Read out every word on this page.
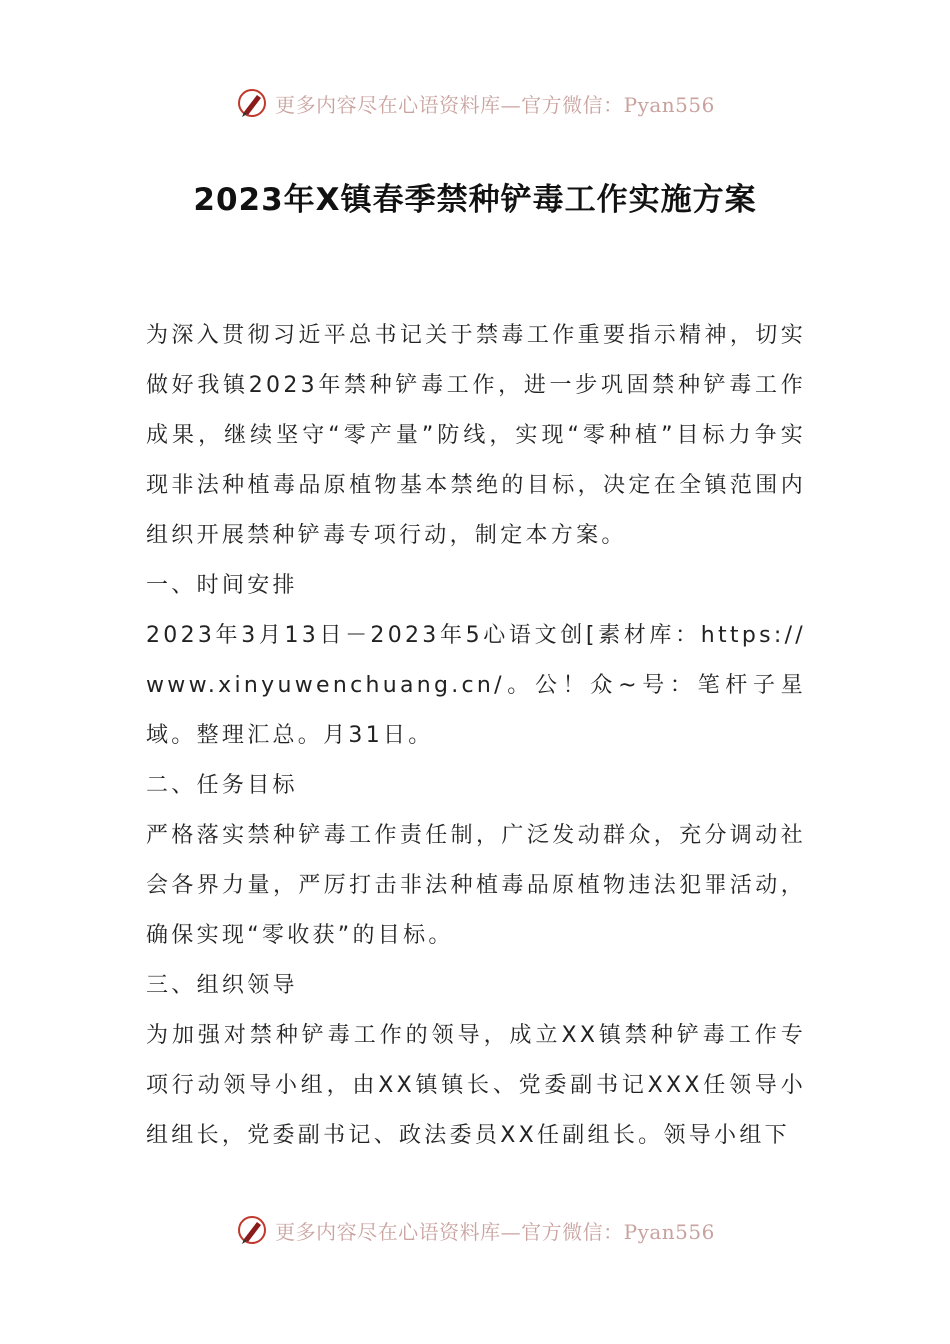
更多内容尽在心语资料库—官方微信：Pyan556
2023年X镇春季禁种铲毒工作实施方案

为深入贯彻习近平总书记关于禁毒工作重要指示精神，切实做好我镇2023年禁种铲毒工作，进一步巩固禁种铲毒工作成果，继续坚守“零产量”防线，实现“零种植”目标力争实现非法种植毒品原植物基本禁绝的目标，决定在全镇范围内组织开展禁种铲毒专项行动，制定本方案。

一、时间安排

2023年3月13日－2023年5心语文创[素材库：https://www.xinyuwenchuang.cn/。公！众~号：笔杆子星域。整理汇总。月31日。

二、任务目标

严格落实禁种铲毒工作责任制，广泛发动群众，充分调动社会各界力量，严厉打击非法种植毒品原植物违法犯罪活动，确保实现“零收获”的目标。

三、组织领导

为加强对禁种铲毒工作的领导，成立XX镇禁种铲毒工作专项行动领导小组，由XX镇镇长、党委副书记XXX任领导小组组长，党委副书记、政法委员XX任副组长。领导小组下

更多内容尽在心语资料库—官方微信：Pyan556
